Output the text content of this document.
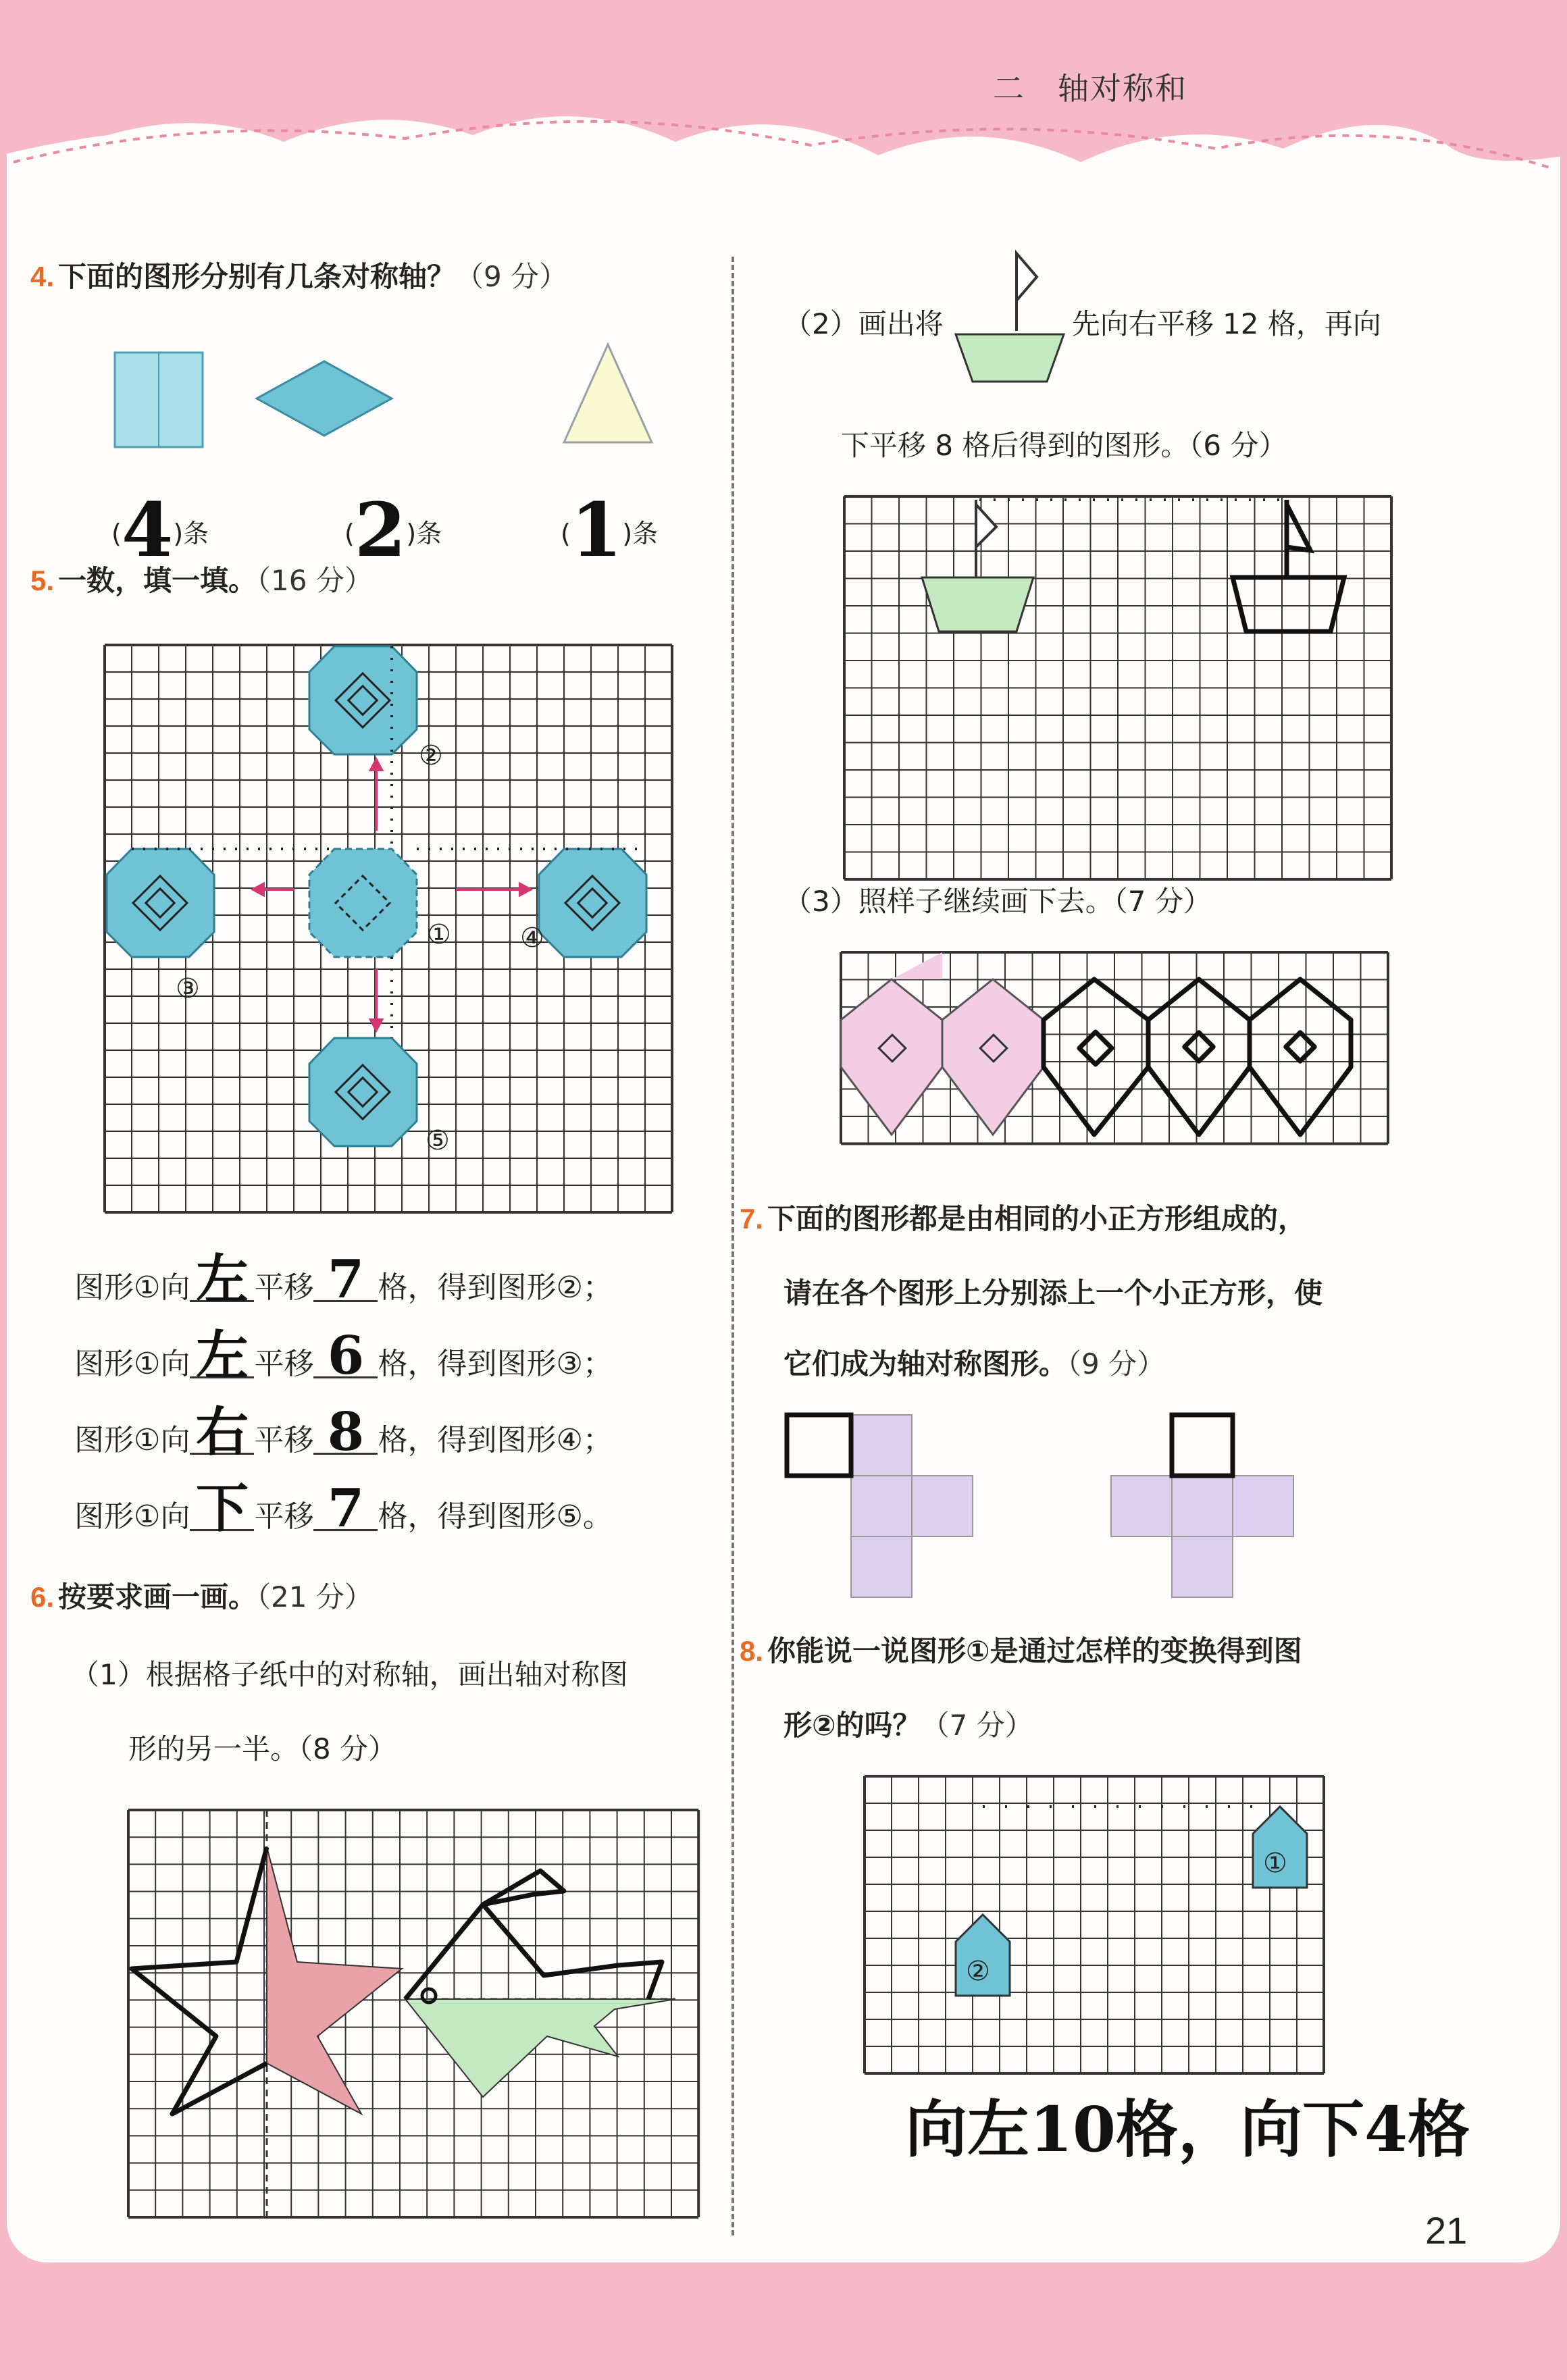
二　轴对称和
21
4. 下面的图形分别有几条对称轴？（9 分）
(4)条	(2)条	(1)条
5. 一数，填一填。（16 分）
②
①
③
④
⑤
图形①向 左 平移 7 格，得到图形②；
图形①向 左 平移 6 格，得到图形③；
图形①向 右 平移 8 格，得到图形④；
图形①向 下 平移 7 格，得到图形⑤。
6. 按要求画一画。（21 分）
（1）根据格子纸中的对称轴，画出轴对称图
形的另一半。（8 分）
（2）画出将	先向右平移 12 格，再向
下平移 8 格后得到的图形。（6 分）
（3）照样子继续画下去。（7 分）
7. 下面的图形都是由相同的小正方形组成的，
请在各个图形上分别添上一个小正方形，使
它们成为轴对称图形。（9 分）
8. 你能说一说图形①是通过怎样的变换得到图
形②的吗？（7 分）
①
②
向左10格，向下4格
